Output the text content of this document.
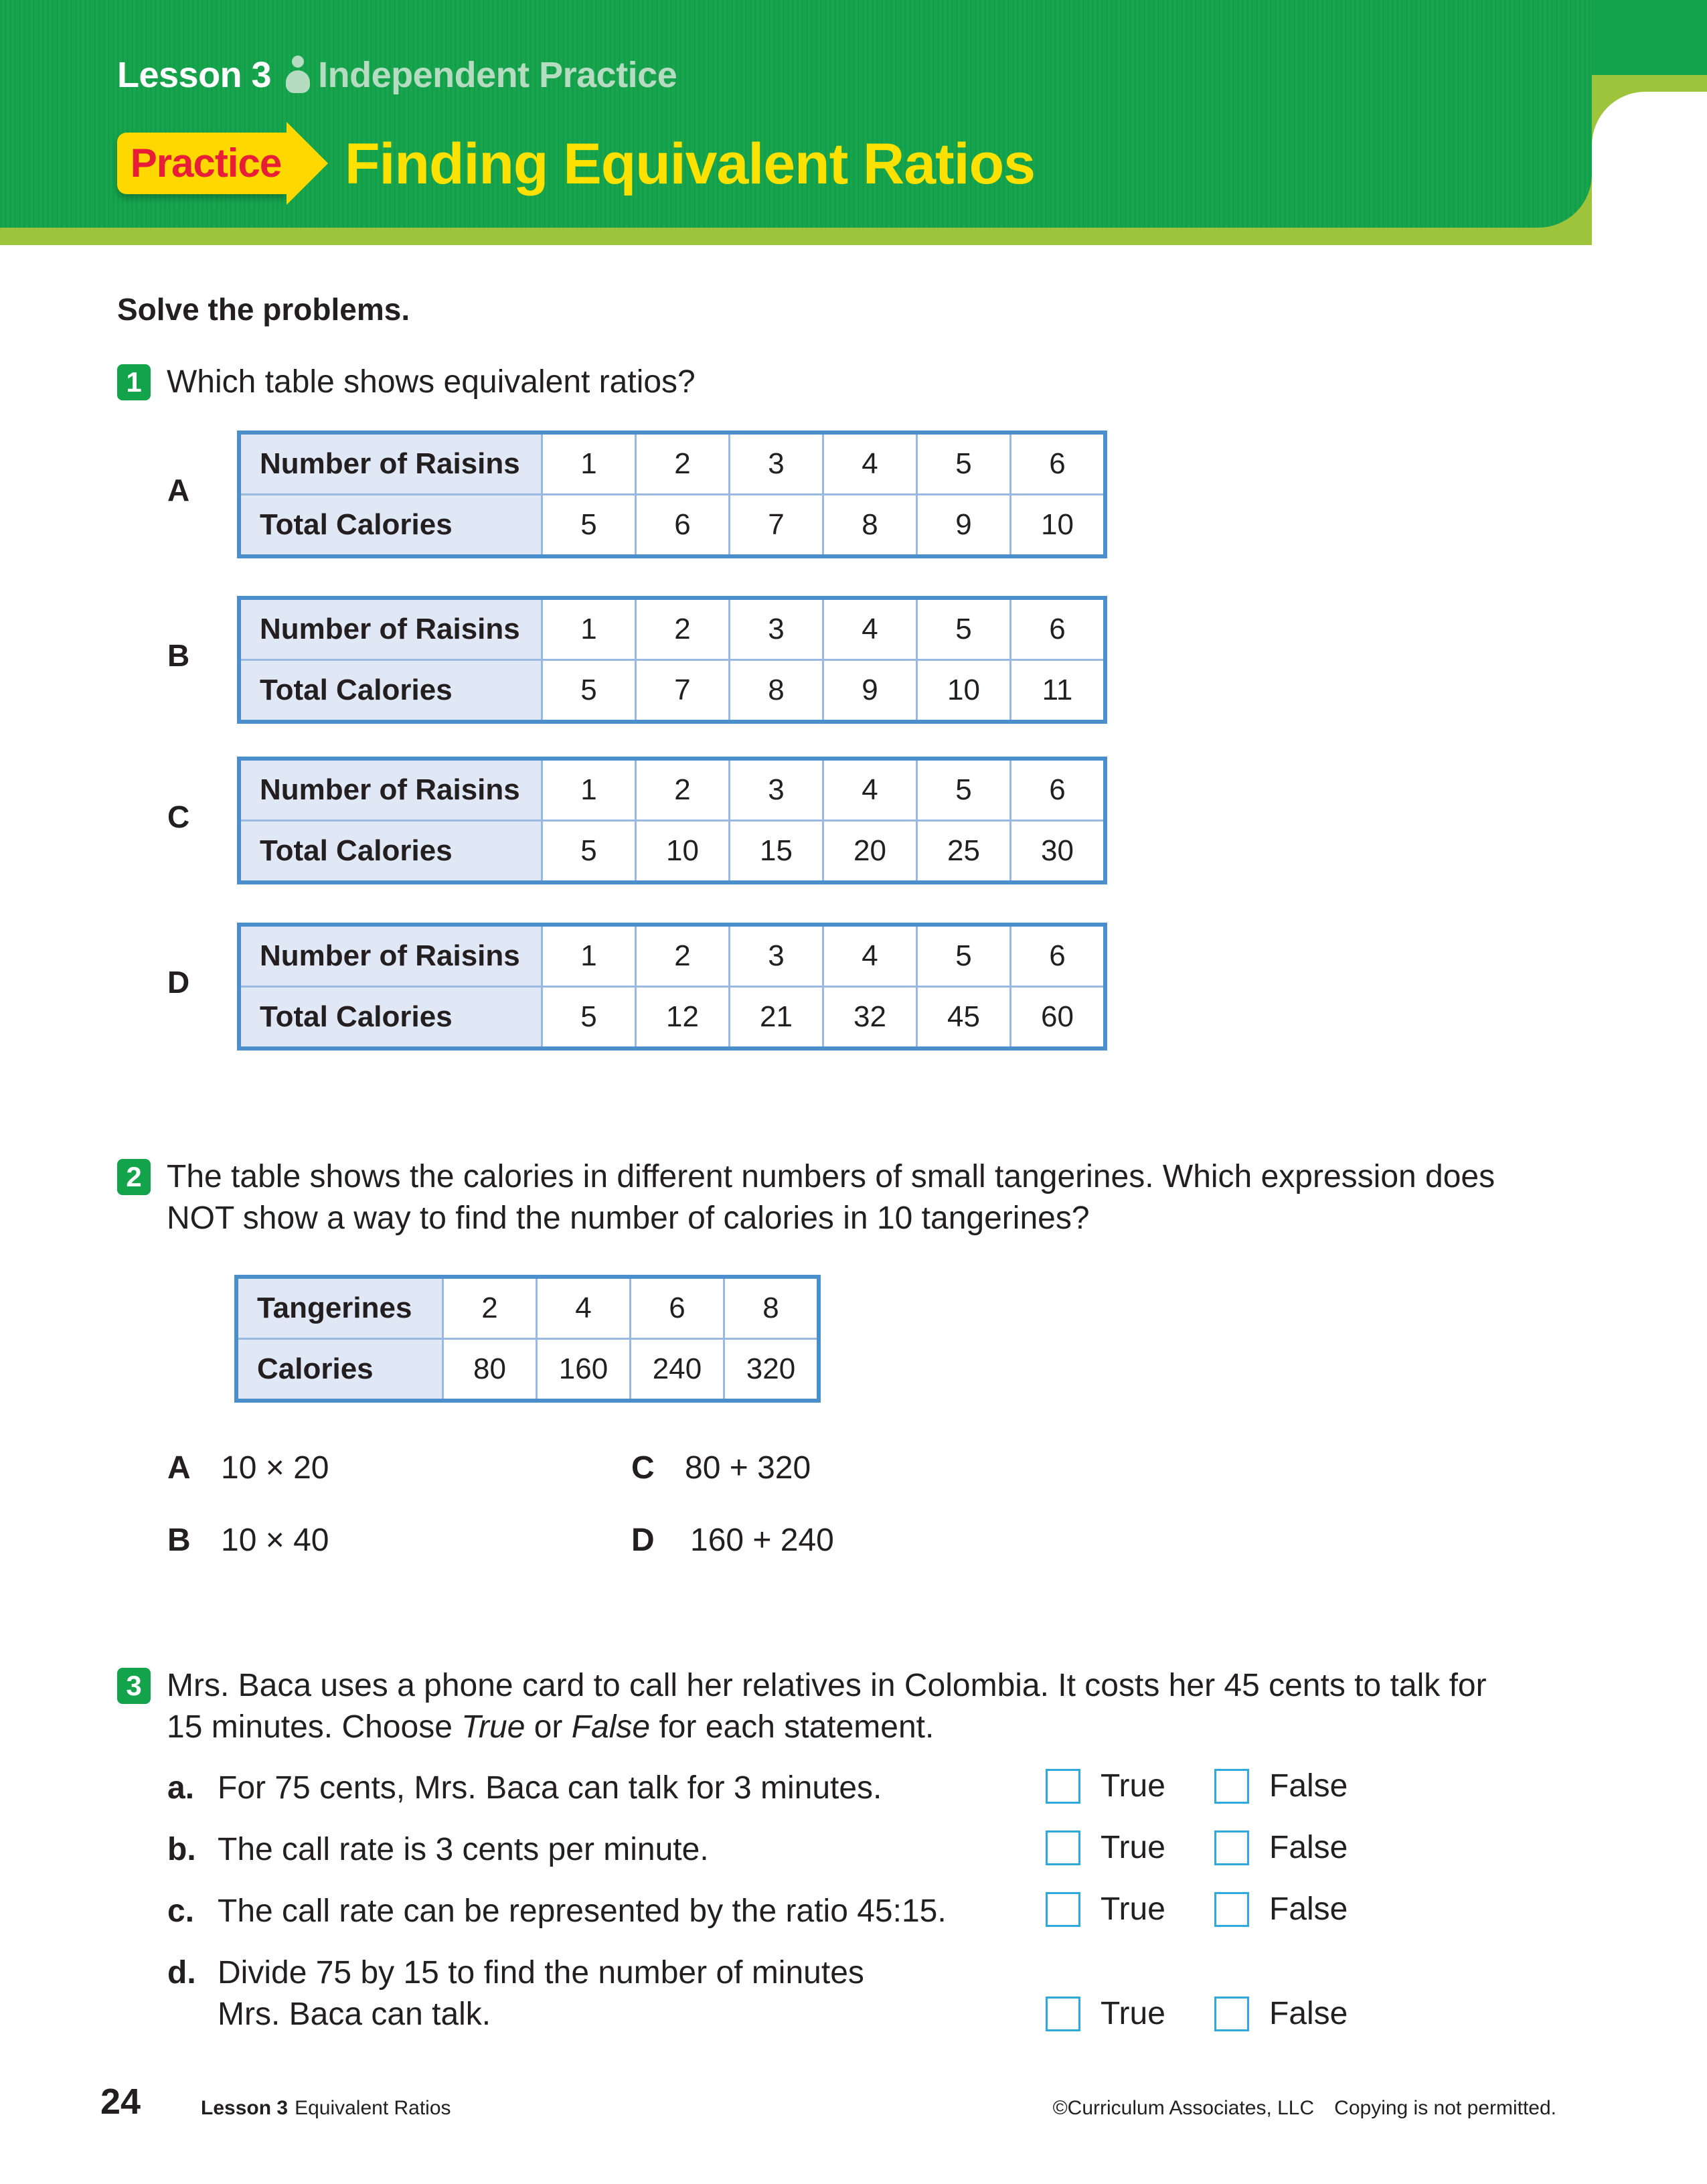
Lesson 3 Independent Practice
Practice Finding Equivalent Ratios
Solve the problems.
1 Which table shows equivalent ratios?
A
Number of Raisins	1	2	3	4	5	6
Total Calories	5	6	7	8	9	10
B
Number of Raisins	1	2	3	4	5	6
Total Calories	5	7	8	9	10	11
C
Number of Raisins	1	2	3	4	5	6
Total Calories	5	10	15	20	25	30
D
Number of Raisins	1	2	3	4	5	6
Total Calories	5	12	21	32	45	60
2 The table shows the calories in different numbers of small tangerines. Which expression does
NOT show a way to find the number of calories in 10 tangerines?
Tangerines	2	4	6	8
Calories	80	160	240	320
A 10 × 20
B 10 × 40
C 80 + 320
D	160 + 240
3 Mrs. Baca uses a phone card to call her relatives in Colombia. It costs her 45 cents to talk for
15 minutes. Choose True or False for each statement.
a. For 75 cents, Mrs. Baca can talk for 3 minutes.	True	False
b. The call rate is 3 cents per minute.	True	False
c. The call rate can be represented by the ratio 45:15.	True	False
d. Divide 75 by 15 to find the number of minutes
Mrs. Baca can talk.	True	False
24	Lesson 3 Equivalent Ratios	©Curriculum Associates, LLC Copying is not permitted.
